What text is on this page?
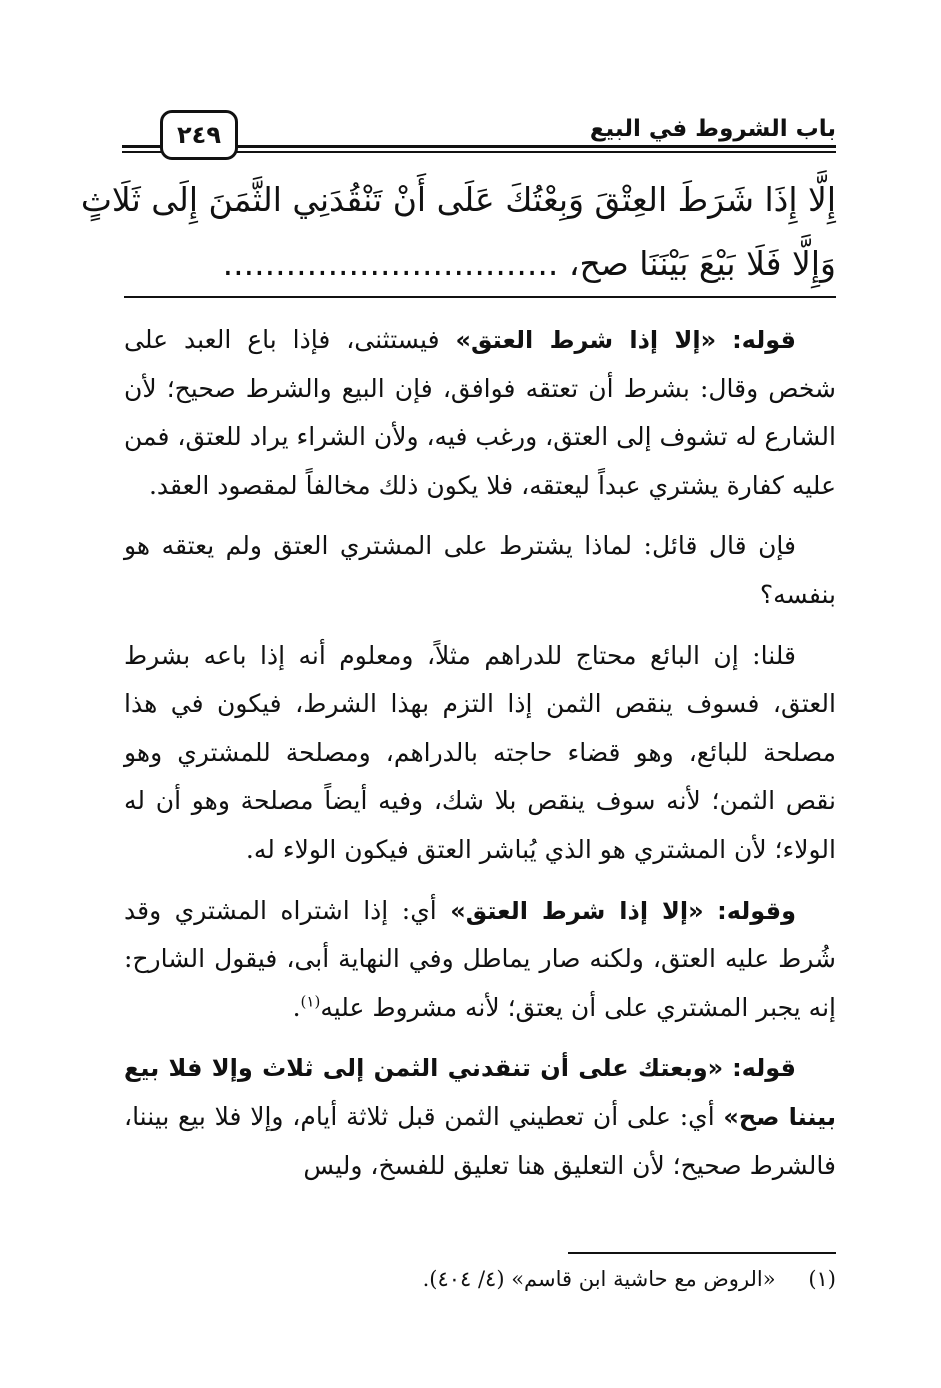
باب الشروط في البيع
٢٤٩
إِلَّا إِذَا شَرَطَ العِتْقَ وَبِعْتُكَ عَلَى أَنْ تَنْقُدَنِي الثَّمَنَ إِلَى ثَلَاثٍ
وَإِلَّا فَلَا بَيْعَ بَيْنَنَا صح، ................................

قوله: «إلا إذا شرط العتق» فيستثنى، فإذا باع العبد على شخص وقال: بشرط أن تعتقه فوافق، فإن البيع والشرط صحيح؛ لأن الشارع له تشوف إلى العتق، ورغب فيه، ولأن الشراء يراد للعتق، فمن عليه كفارة يشتري عبداً ليعتقه، فلا يكون ذلك مخالفاً لمقصود العقد.

فإن قال قائل: لماذا يشترط على المشتري العتق ولم يعتقه هو بنفسه؟

قلنا: إن البائع محتاج للدراهم مثلاً، ومعلوم أنه إذا باعه بشرط العتق، فسوف ينقص الثمن إذا التزم بهذا الشرط، فيكون في هذا مصلحة للبائع، وهو قضاء حاجته بالدراهم، ومصلحة للمشتري وهو نقص الثمن؛ لأنه سوف ينقص بلا شك، وفيه أيضاً مصلحة وهو أن له الولاء؛ لأن المشتري هو الذي يُباشر العتق فيكون الولاء له.

وقوله: «إلا إذا شرط العتق» أي: إذا اشتراه المشتري وقد شُرط عليه العتق، ولكنه صار يماطل وفي النهاية أبى، فيقول الشارح: إنه يجبر المشتري على أن يعتق؛ لأنه مشروط عليه$^{(١)}$.

قوله: «وبعتك على أن تنقدني الثمن إلى ثلاث وإلا فلا بيع بيننا صح» أي: على أن تعطيني الثمن قبل ثلاثة أيام، وإلا فلا بيع بيننا، فالشرط صحيح؛ لأن التعليق هنا تعليق للفسخ، وليس

(١) «الروض مع حاشية ابن قاسم» (٤/ ٤٠٤).
